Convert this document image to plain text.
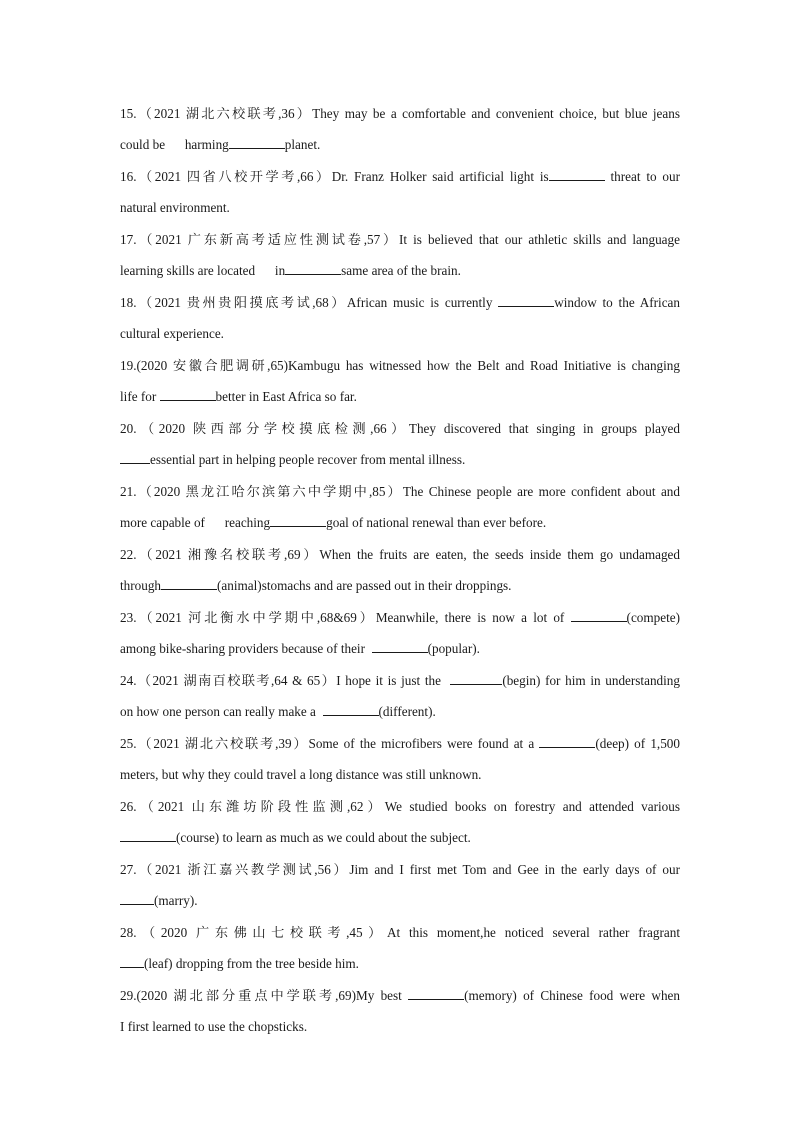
15.（2021 湖北六校联考,36）They may be a comfortable and convenient choice, but blue jeans
could be      harming	planet.
16.（2021 四省八校开学考,66）Dr. Franz Holker said artificial light is	threat to our
natural environment.
17.（2021 广东新高考适应性测试卷,57）It is believed that our athletic skills and language
learning skills are located      in	same area of the brain.
18.（2021 贵州贵阳摸底考试,68）African music is currently	window to the African
cultural experience.
19.(2020 安徽合肥调研,65)Kambugu has witnessed how the Belt and Road Initiative is changing
life for	better in East Africa so far.
20.（2020 陕西部分学校摸底检测,66）They discovered that singing in groups played
essential part in helping people recover from mental illness.
21.（2020 黑龙江哈尔滨第六中学期中,85）The Chinese people are more confident about and
more capable of      reaching	goal of national renewal than ever before.
22.（2021 湘豫名校联考,69）When the fruits are eaten, the seeds inside them go undamaged
through	(animal)stomachs and are passed out in their droppings.
23.（2021 河北衡水中学期中,68&69）Meanwhile, there is now a lot of	(compete)
among bike-sharing providers because of their	(popular).
24.（2021 湖南百校联考,64 & 65）I hope it is just the	(begin) for him in understanding
on how one person can really make a	(different).
25.（2021 湖北六校联考,39）Some of the microfibers were found at a	(deep) of 1,500
meters, but why they could travel a long distance was still unknown.
26.（2021 山东潍坊阶段性监测,62）We studied books on forestry and attended various
(course) to learn as much as we could about the subject.
27.（2021 浙江嘉兴教学测试,56）Jim and I first met Tom and Gee in the early days of our
(marry).
28.（2020 广东佛山七校联考,45）At this moment,he noticed several rather fragrant
(leaf) dropping from the tree beside him.
29.(2020 湖北部分重点中学联考,69)My best	(memory) of Chinese food were when
I first learned to use the chopsticks.
